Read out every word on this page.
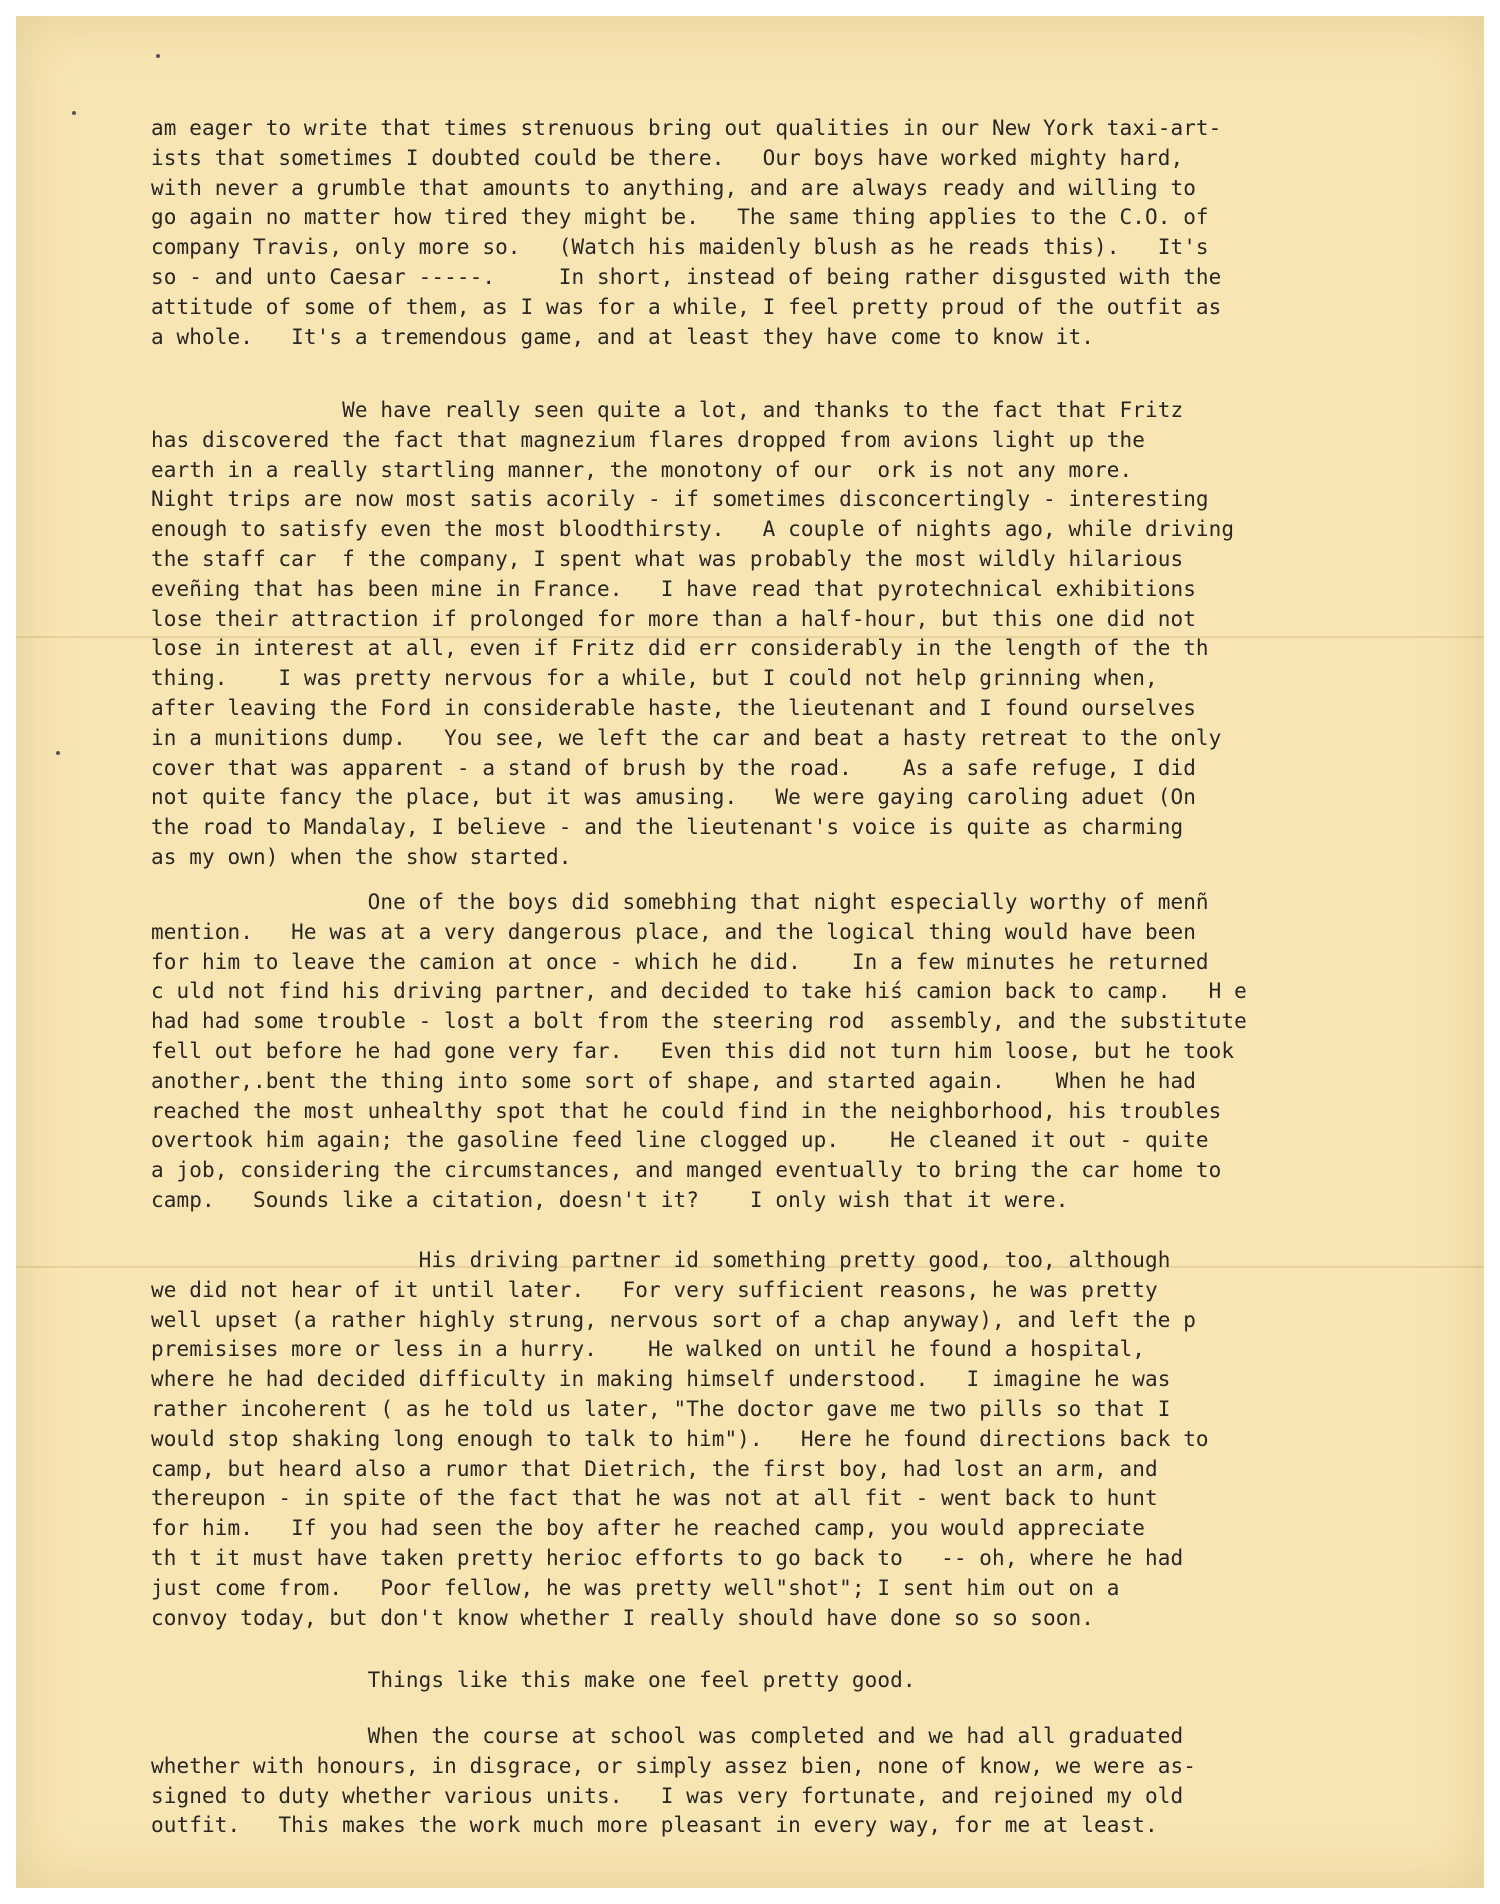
am eager to write that times strenuous bring out qualities in our New York taxi-art-
ists that sometimes I doubted could be there.   Our boys have worked mighty hard,
with never a grumble that amounts to anything, and are always ready and willing to
go again no matter how tired they might be.   The same thing applies to the C.O. of
company Travis, only more so.   (Watch his maidenly blush as he reads this).   It's
so - and unto Caesar -----.     In short, instead of being rather disgusted with the
attitude of some of them, as I was for a while, I feel pretty proud of the outfit as
a whole.   It's a tremendous game, and at least they have come to know it.
We have really seen quite a lot, and thanks to the fact that Fritz
has discovered the fact that magnezium flares dropped from avions light up the
earth in a really startling manner, the monotony of our  ork is not any more.
Night trips are now most satis acorily - if sometimes disconcertingly - interesting
enough to satisfy even the most bloodthirsty.   A couple of nights ago, while driving
the staff car  f the company, I spent what was probably the most wildly hilarious
eveñing that has been mine in France.   I have read that pyrotechnical exhibitions
lose their attraction if prolonged for more than a half-hour, but this one did not
lose in interest at all, even if Fritz did err considerably in the length of the th
thing.    I was pretty nervous for a while, but I could not help grinning when,
after leaving the Ford in considerable haste, the lieutenant and I found ourselves
in a munitions dump.   You see, we left the car and beat a hasty retreat to the only
cover that was apparent - a stand of brush by the road.    As a safe refuge, I did
not quite fancy the place, but it was amusing.   We were gaying caroling aduet (On
the road to Mandalay, I believe - and the lieutenant's voice is quite as charming
as my own) when the show started.
One of the boys did somebhing that night especially worthy of menñ
mention.   He was at a very dangerous place, and the logical thing would have been
for him to leave the camion at once - which he did.    In a few minutes he returned
c uld not find his driving partner, and decided to take hiś camion back to camp.   H e
had had some trouble - lost a bolt from the steering rod  assembly, and the substitute
fell out before he had gone very far.   Even this did not turn him loose, but he took
another,.bent the thing into some sort of shape, and started again.    When he had
reached the most unhealthy spot that he could find in the neighborhood, his troubles
overtook him again; the gasoline feed line clogged up.    He cleaned it out - quite
a job, considering the circumstances, and manged eventually to bring the car home to
camp.   Sounds like a citation, doesn't it?    I only wish that it were.
His driving partner id something pretty good, too, although
we did not hear of it until later.   For very sufficient reasons, he was pretty
well upset (a rather highly strung, nervous sort of a chap anyway), and left the p
premisises more or less in a hurry.    He walked on until he found a hospital,
where he had decided difficulty in making himself understood.   I imagine he was
rather incoherent ( as he told us later, "The doctor gave me two pills so that I
would stop shaking long enough to talk to him").   Here he found directions back to
camp, but heard also a rumor that Dietrich, the first boy, had lost an arm, and
thereupon - in spite of the fact that he was not at all fit - went back to hunt
for him.   If you had seen the boy after he reached camp, you would appreciate
th t it must have taken pretty herioc efforts to go back to   -- oh, where he had
just come from.   Poor fellow, he was pretty well"shot"; I sent him out on a
convoy today, but don't know whether I really should have done so so soon.
Things like this make one feel pretty good.
When the course at school was completed and we had all graduated
whether with honours, in disgrace, or simply assez bien, none of know, we were as-
signed to duty whether various units.   I was very fortunate, and rejoined my old
outfit.   This makes the work much more pleasant in every way, for me at least.
